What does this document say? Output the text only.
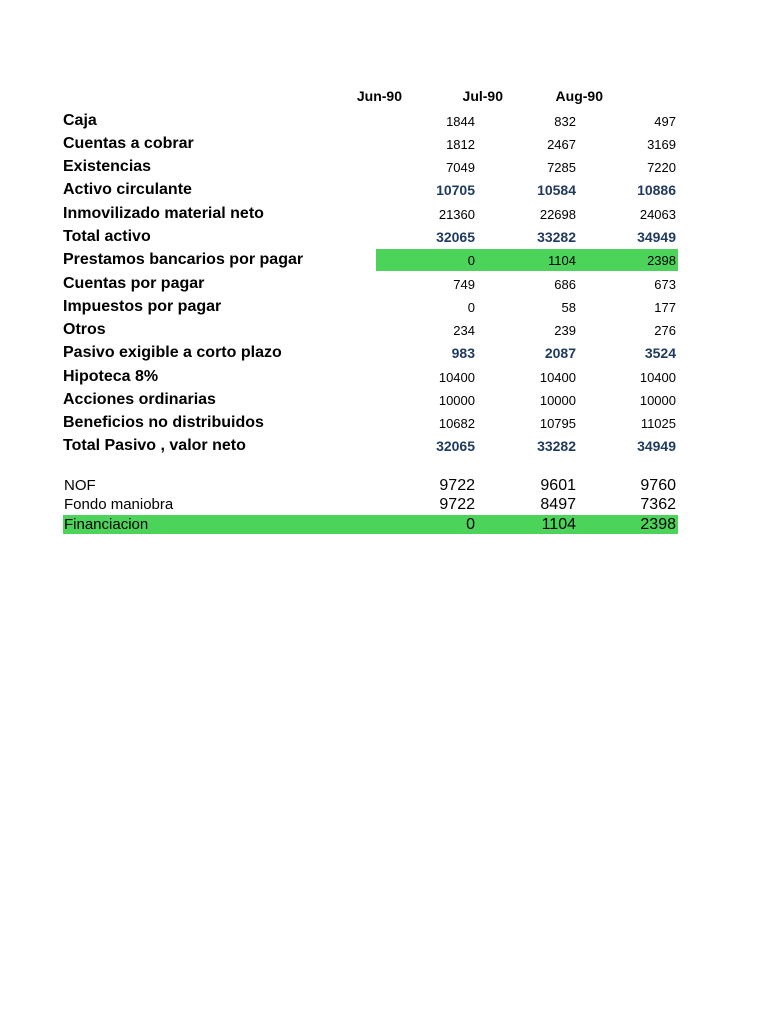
Jun-90	Jul-90	Aug-90
Caja	1844	832	497
Cuentas a cobrar	1812	2467	3169
Existencias	7049	7285	7220
Activo circulante	10705	10584	10886
Inmovilizado material neto	21360	22698	24063
Total activo	32065	33282	34949
Prestamos bancarios por pagar	0	1104	2398
Cuentas por pagar	749	686	673
Impuestos por pagar	0	58	177
Otros	234	239	276
Pasivo exigible a corto plazo	983	2087	3524
Hipoteca 8%	10400	10400	10400
Acciones ordinarias	10000	10000	10000
Beneficios no distribuidos	10682	10795	11025
Total Pasivo , valor neto	32065	33282	34949
NOF	9722	9601	9760
Fondo maniobra	9722	8497	7362
Financiacion	0	1104	2398
